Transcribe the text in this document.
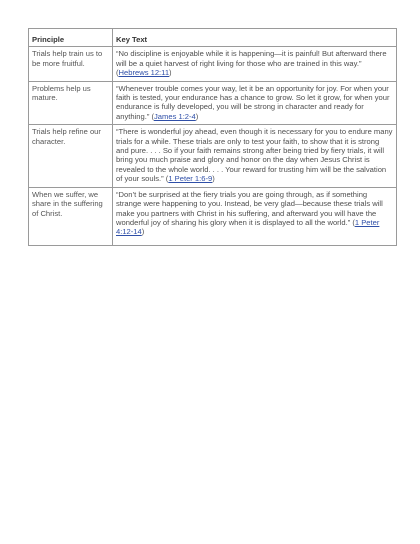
Principle	Key Text
Trials help train us to be more fruitful.	“No discipline is enjoyable while it is happening—it is painful! But afterward there will be a quiet harvest of right living for those who are trained in this way.” (Hebrews 12:11)
Problems help us mature.	“Whenever trouble comes your way, let it be an opportunity for joy. For when your faith is tested, your endurance has a chance to grow. So let it grow, for when your endurance is fully developed, you will be strong in character and ready for anything.” (James 1:2-4)
Trials help refine our character.	“There is wonderful joy ahead, even though it is necessary for you to endure many trials for a while. These trials are only to test your faith, to show that it is strong and pure. . . . So if your faith remains strong after being tried by fiery trials, it will bring you much praise and glory and honor on the day when Jesus Christ is revealed to the whole world. . . . Your reward for trusting him will be the salvation of your souls.” (1 Peter 1:6-9)
When we suffer, we share in the suffering of Christ.	“Don’t be surprised at the fiery trials you are going through, as if something strange were happening to you. Instead, be very glad—because these trials will make you partners with Christ in his suffering, and afterward you will have the wonderful joy of sharing his glory when it is displayed to all the world.” (1 Peter 4:12-14)
